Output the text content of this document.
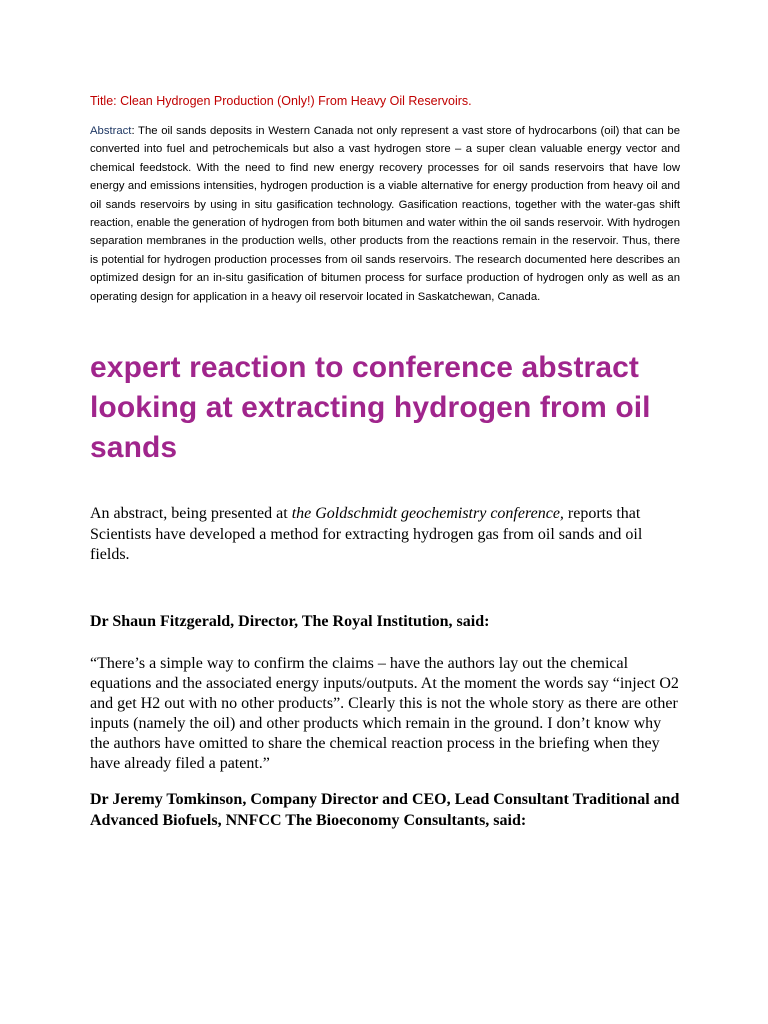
Title: Clean Hydrogen Production (Only!) From Heavy Oil Reservoirs.

Abstract: The oil sands deposits in Western Canada not only represent a vast store of hydrocarbons (oil) that can be converted into fuel and petrochemicals but also a vast hydrogen store – a super clean valuable energy vector and chemical feedstock. With the need to find new energy recovery processes for oil sands reservoirs that have low energy and emissions intensities, hydrogen production is a viable alternative for energy production from heavy oil and oil sands reservoirs by using in situ gasification technology. Gasification reactions, together with the water-gas shift reaction, enable the generation of hydrogen from both bitumen and water within the oil sands reservoir. With hydrogen separation membranes in the production wells, other products from the reactions remain in the reservoir. Thus, there is potential for hydrogen production processes from oil sands reservoirs. The research documented here describes an optimized design for an in-situ gasification of bitumen process for surface production of hydrogen only as well as an operating design for application in a heavy oil reservoir located in Saskatchewan, Canada.

expert reaction to conference abstract looking at extracting hydrogen from oil sands

An abstract, being presented at the Goldschmidt geochemistry conference, reports that Scientists have developed a method for extracting hydrogen gas from oil sands and oil fields.

Dr Shaun Fitzgerald, Director, The Royal Institution, said:

“There’s a simple way to confirm the claims – have the authors lay out the chemical equations and the associated energy inputs/outputs. At the moment the words say “inject O2 and get H2 out with no other products”. Clearly this is not the whole story as there are other inputs (namely the oil) and other products which remain in the ground. I don’t know why the authors have omitted to share the chemical reaction process in the briefing when they have already filed a patent.”

Dr Jeremy Tomkinson, Company Director and CEO, Lead Consultant Traditional and Advanced Biofuels, NNFCC The Bioeconomy Consultants, said:
